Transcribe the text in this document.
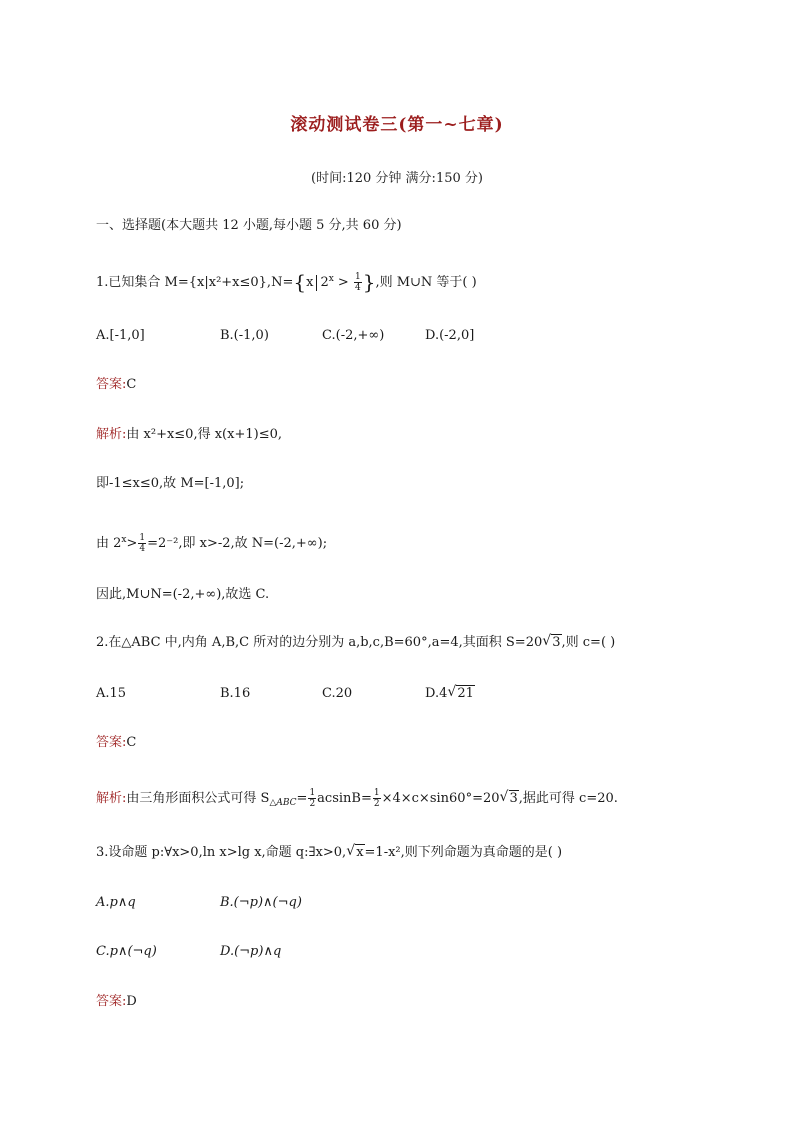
滚动测试卷三(第一~七章)
(时间:120 分钟 满分:150 分)
一、选择题(本大题共 12 小题,每小题 5 分,共 60 分)
1.已知集合 M={x|x²+x≤0},N={x $2^x > \frac{1}{4}$ },则 M∪N 等于( )
A.[-1,0]	B.(-1,0)	C.(-2,+∞)	D.(-2,0]
答案:C
解析:由 x²+x≤0,得 x(x+1)≤0,
即-1≤x≤0,故 M=[-1,0];
由 $2^x> \frac{1}{4} =2^{-2}$,即 x>-2,故 N=(-2,+∞);
因此,M∪N=(-2,+∞),故选 C.
2.在△ABC 中,内角 A,B,C 所对的边分别为 a,b,c,B=60°,a=4,其面积 S=20√ 3,则 c=( )
A.15	B.16	C.20	D.4√ 21
答案:C
解析:由三角形面积公式可得 $S_{\triangle ABC}= \frac{1}{2} acsinB= \frac{1}{2} \times 4\times c\times\sin 60^\circ=20√$ 3,据此可得 c=20.
3.设命题 p:∀x>0,ln x>lg x,命题 q:∃x>0,√ x=1-x²,则下列命题为真命题的是( )
A.p∧q	B.(¬p)∧(¬q)
C.p∧(¬q)	D.(¬p)∧q
答案:D
